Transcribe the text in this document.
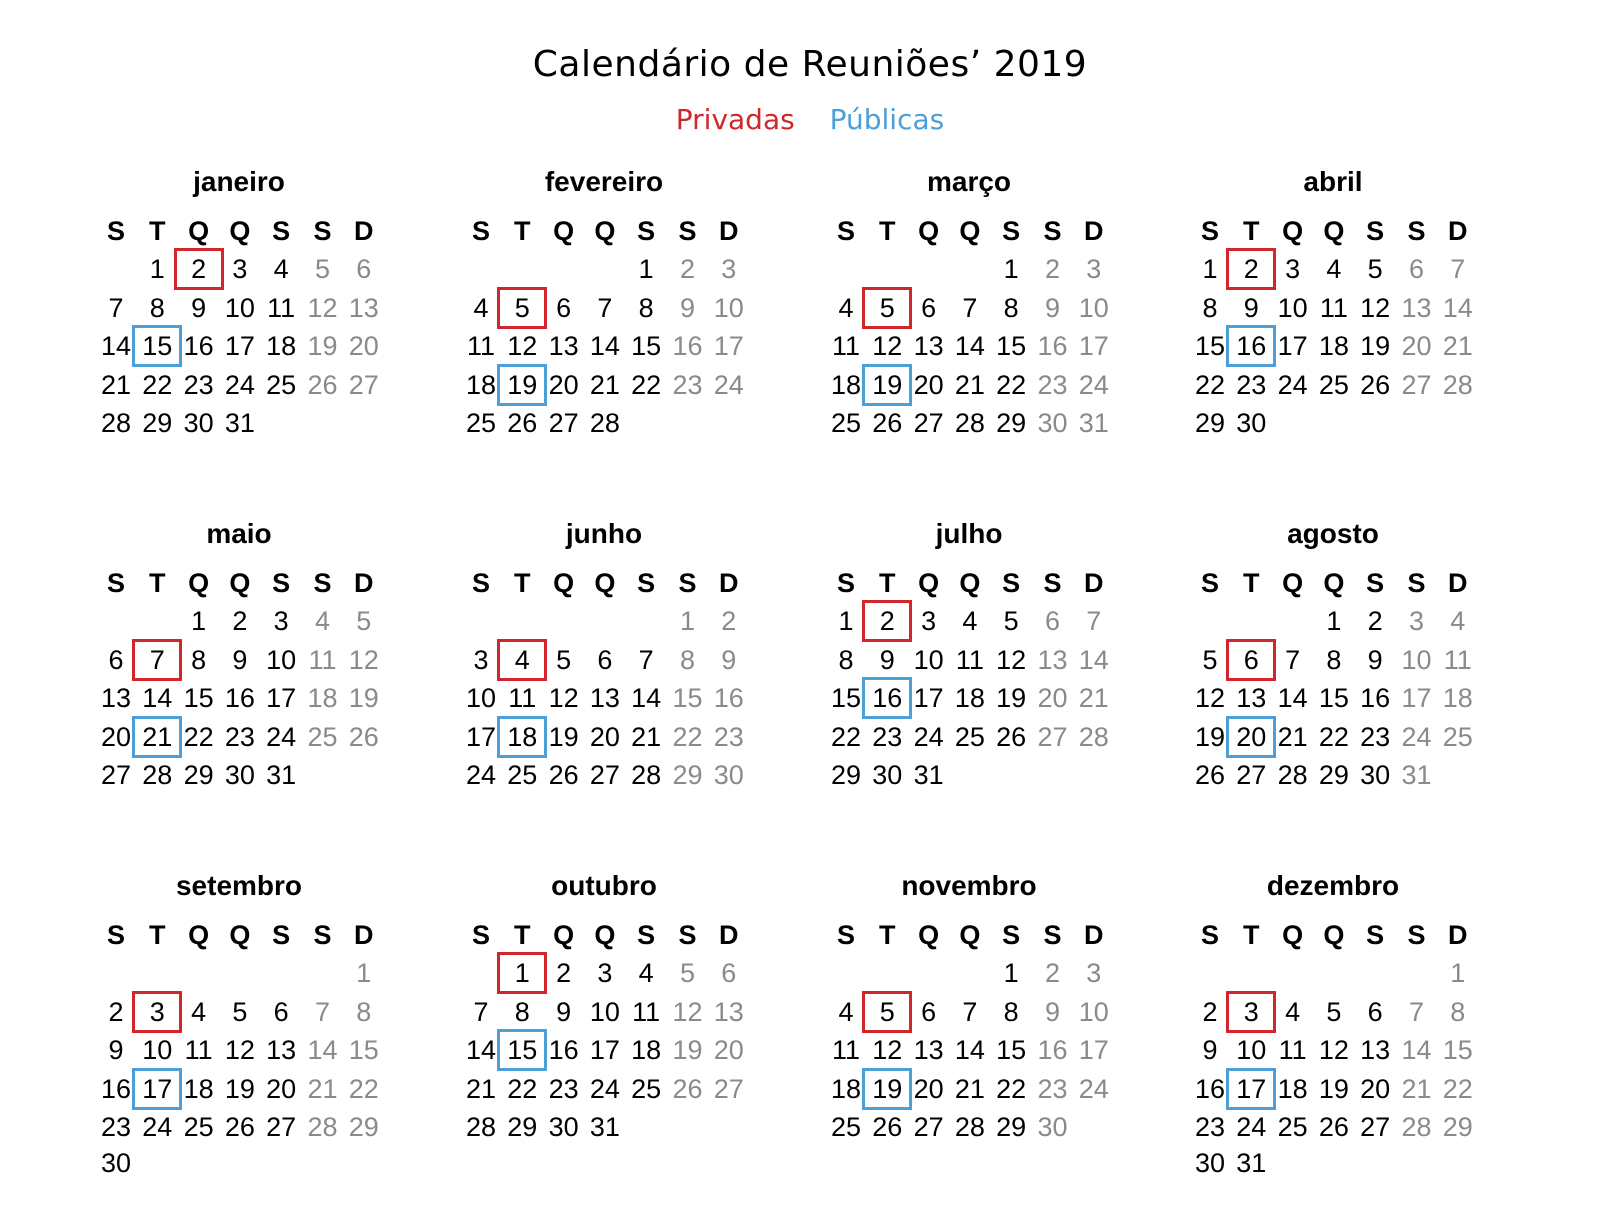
Calendário de Reuniões’ 2019
Privadas Públicas
janeiro
S T Q Q S S D
1 2 3 4 5 6
7 8 9 10 11 12 13
14 15 16 17 18 19 20
21 22 23 24 25 26 27
28 29 30 31
fevereiro
S T Q Q S S D
1 2 3
4 5 6 7 8 9 10
11 12 13 14 15 16 17
18 19 20 21 22 23 24
25 26 27 28
março
S T Q Q S S D
1 2 3
4 5 6 7 8 9 10
11 12 13 14 15 16 17
18 19 20 21 22 23 24
25 26 27 28 29 30 31
abril
S T Q Q S S D
1 2 3 4 5 6 7
8 9 10 11 12 13 14
15 16 17 18 19 20 21
22 23 24 25 26 27 28
29 30
maio
S T Q Q S S D
1 2 3 4 5
6 7 8 9 10 11 12
13 14 15 16 17 18 19
20 21 22 23 24 25 26
27 28 29 30 31
junho
S T Q Q S S D
1 2
3 4 5 6 7 8 9
10 11 12 13 14 15 16
17 18 19 20 21 22 23
24 25 26 27 28 29 30
julho
S T Q Q S S D
1 2 3 4 5 6 7
8 9 10 11 12 13 14
15 16 17 18 19 20 21
22 23 24 25 26 27 28
29 30 31
agosto
S T Q Q S S D
1 2 3 4
5 6 7 8 9 10 11
12 13 14 15 16 17 18
19 20 21 22 23 24 25
26 27 28 29 30 31
setembro
S T Q Q S S D
1
2 3 4 5 6 7 8
9 10 11 12 13 14 15
16 17 18 19 20 21 22
23 24 25 26 27 28 29
30
outubro
S T Q Q S S D
1 2 3 4 5 6
7 8 9 10 11 12 13
14 15 16 17 18 19 20
21 22 23 24 25 26 27
28 29 30 31
novembro
S T Q Q S S D
1 2 3
4 5 6 7 8 9 10
11 12 13 14 15 16 17
18 19 20 21 22 23 24
25 26 27 28 29 30
dezembro
S T Q Q S S D
1
2 3 4 5 6 7 8
9 10 11 12 13 14 15
16 17 18 19 20 21 22
23 24 25 26 27 28 29
30 31
